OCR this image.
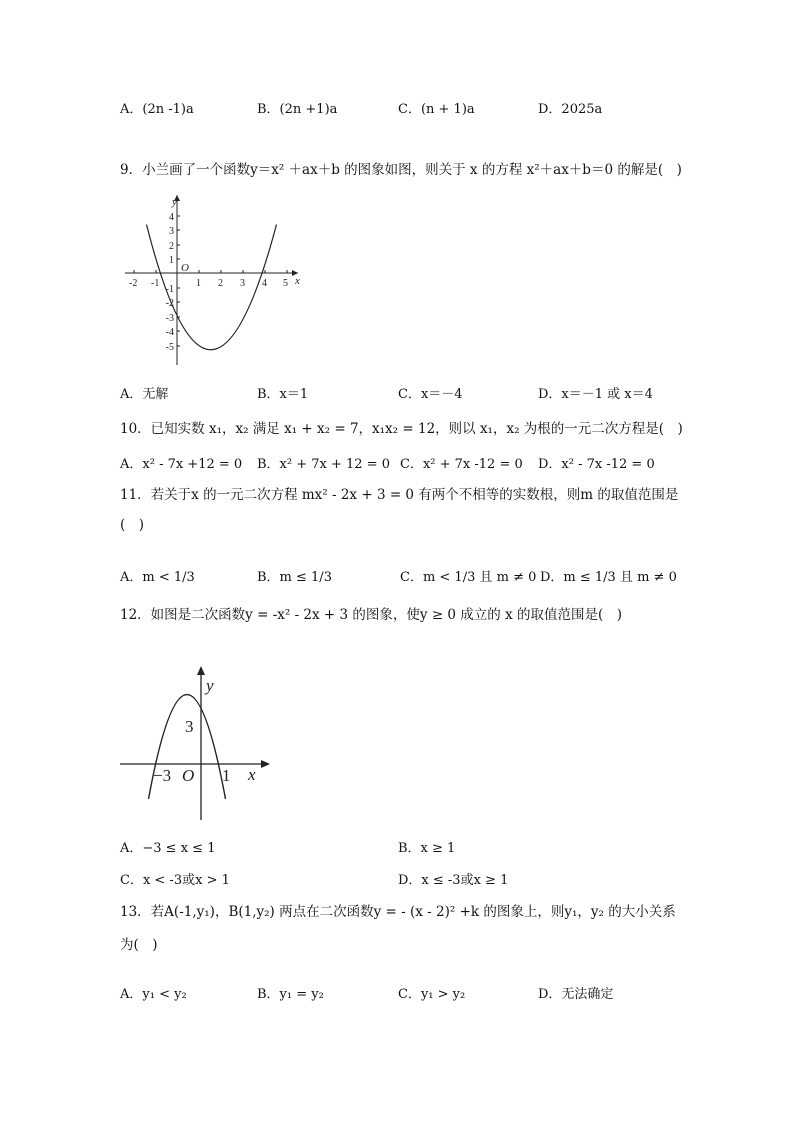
A．(2n -1)a	B．(2n +1)a	C．(n + 1)a	D．2025a
9．小兰画了一个函数y＝x² ＋ax＋b 的图象如图，则关于 x 的方程 x²＋ax＋b＝0 的解是(　)
-2 -1	1 2 3 4 5
4
3
2
1
-1
-2
-3
-4
-5
y
x
O
A．无解	B．x＝1	C．x＝－4	D．x＝－1 或 x＝4
10．已知实数 x₁，x₂ 满足 x₁ + x₂ = 7，x₁x₂ = 12，则以 x₁，x₂ 为根的一元二次方程是(　)
A．x² - 7x +12 = 0 B．x² + 7x + 12 = 0 C．x² + 7x -12 = 0 D．x² - 7x -12 = 0
11．若关于x 的一元二次方程 mx² - 2x + 3 = 0 有两个不相等的实数根，则m 的取值范围是
(　)
A．m < 1/3	B．m ≤ 1/3	C．m < 1/3 且 m ≠ 0 D．m ≤ 1/3 且 m ≠ 0
12．如图是二次函数y = -x² - 2x + 3 的图象，使y ≥ 0 成立的 x 的取值范围是(　)
y
x
O
3
−3	1
A．−3 ≤ x ≤ 1	B．x ≥ 1
C．x < -3或x > 1	D．x ≤ -3或x ≥ 1
13．若A(-1,y₁)，B(1,y₂) 两点在二次函数y = - (x - 2)² +k 的图象上，则y₁，y₂ 的大小关系
为(　)
A．y₁ < y₂	B．y₁ = y₂	C．y₁ > y₂	D．无法确定
